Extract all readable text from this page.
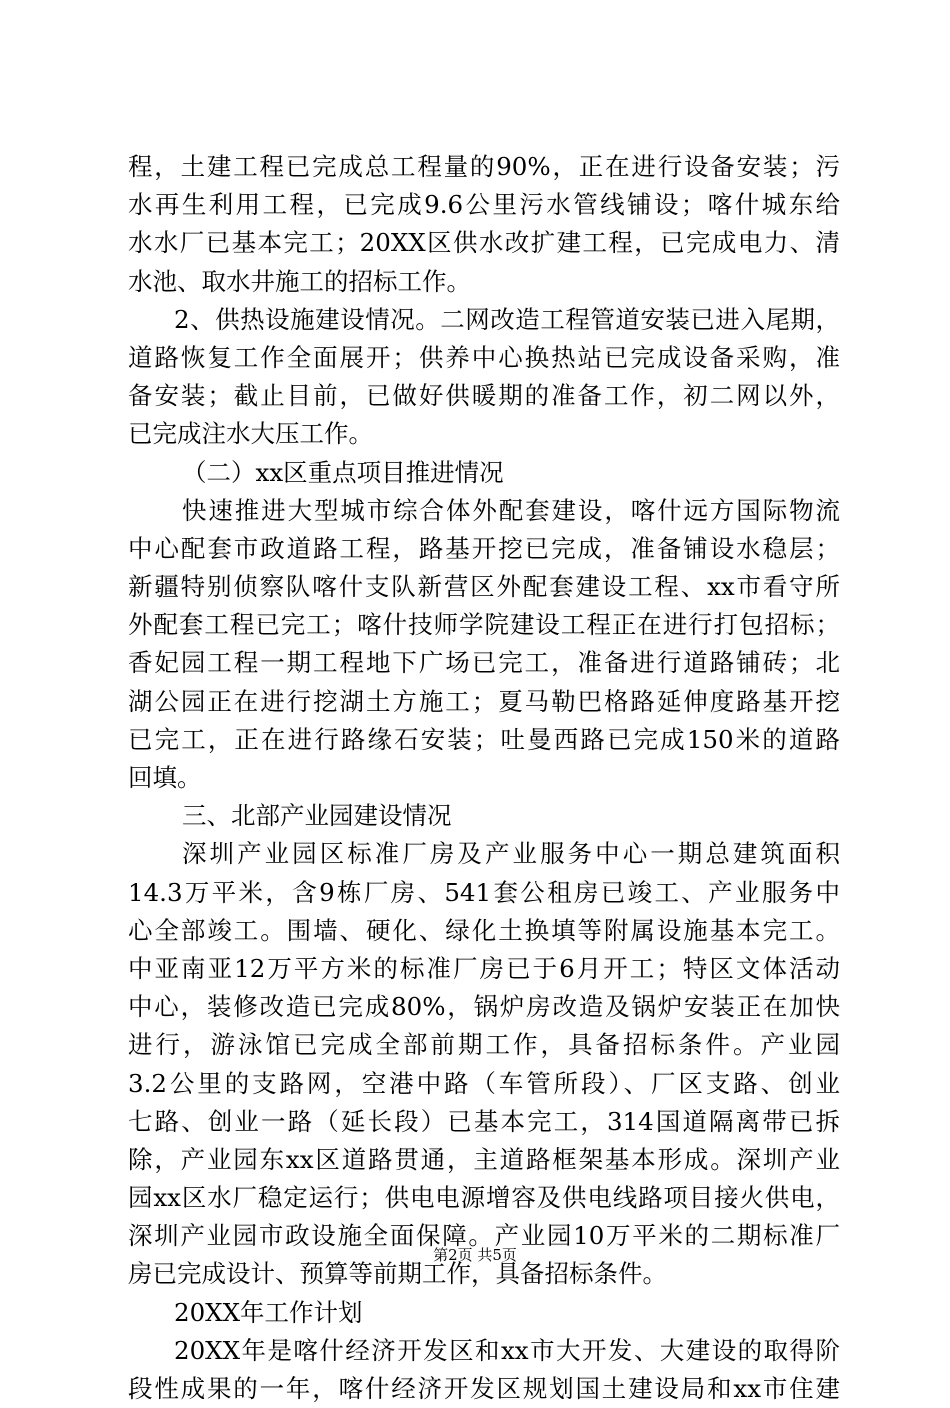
程，土建工程已完成总工程量的90%，正在进行设备安装；污
水再生利用工程，已完成9.6公里污水管线铺设；喀什城东给
水水厂已基本完工；20XX区供水改扩建工程，已完成电力、清
水池、取水井施工的招标工作。
2、供热设施建设情况。二网改造工程管道安装已进入尾期，
道路恢复工作全面展开；供养中心换热站已完成设备采购，准
备安装；截止目前，已做好供暖期的准备工作，初二网以外，
已完成注水大压工作。
（二）xx区重点项目推进情况
快速推进大型城市综合体外配套建设，喀什远方国际物流
中心配套市政道路工程，路基开挖已完成，准备铺设水稳层；
新疆特别侦察队喀什支队新营区外配套建设工程、xx市看守所
外配套工程已完工；喀什技师学院建设工程正在进行打包招标；
香妃园工程一期工程地下广场已完工，准备进行道路铺砖；北
湖公园正在进行挖湖土方施工；夏马勒巴格路延伸度路基开挖
已完工，正在进行路缘石安装；吐曼西路已完成150米的道路
回填。
三、北部产业园建设情况
深圳产业园区标准厂房及产业服务中心一期总建筑面积
14.3万平米，含9栋厂房、541套公租房已竣工、产业服务中
心全部竣工。围墙、硬化、绿化土换填等附属设施基本完工。
中亚南亚12万平方米的标准厂房已于6月开工；特区文体活动
中心，装修改造已完成80%，锅炉房改造及锅炉安装正在加快
进行，游泳馆已完成全部前期工作，具备招标条件。产业园
3.2公里的支路网，空港中路（车管所段）、厂区支路、创业
七路、创业一路（延长段）已基本完工，314国道隔离带已拆
除，产业园东xx区道路贯通，主道路框架基本形成。深圳产业
园xx区水厂稳定运行；供电电源增容及供电线路项目接火供电，
深圳产业园市政设施全面保障。产业园10万平米的二期标准厂
房已完成设计、预算等前期工作，具备招标条件。
20XX年工作计划
20XX年是喀什经济开发区和xx市大开发、大建设的取得阶
段性成果的一年，喀什经济开发区规划国土建设局和xx市住建
第2页 共5页
